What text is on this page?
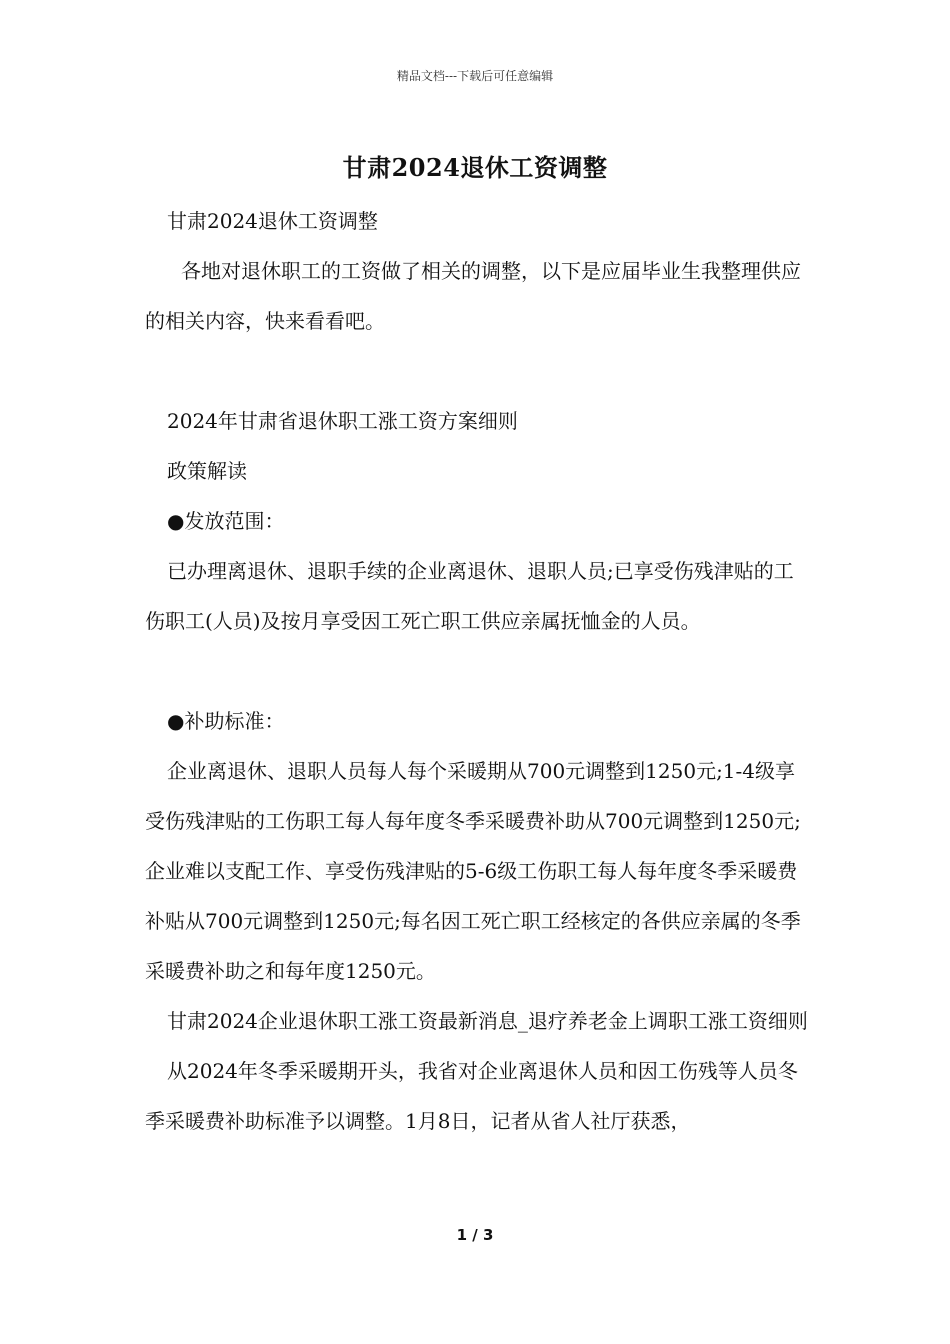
精品文档---下载后可任意编辑
甘肃2024退休工资调整

甘肃2024退休工资调整

各地对退休职工的工资做了相关的调整，以下是应届毕业生我整理供应的相关内容，快来看看吧。

2024年甘肃省退休职工涨工资方案细则

政策解读

●发放范围：

已办理离退休、退职手续的企业离退休、退职人员;已享受伤残津贴的工伤职工(人员)及按月享受因工死亡职工供应亲属抚恤金的人员。

●补助标准：

企业离退休、退职人员每人每个采暖期从700元调整到1250元;1-4级享受伤残津贴的工伤职工每人每年度冬季采暖费补助从700元调整到1250元;企业难以支配工作、享受伤残津贴的5-6级工伤职工每人每年度冬季采暖费补贴从700元调整到1250元;每名因工死亡职工经核定的各供应亲属的冬季采暖费补助之和每年度1250元。

甘肃2024企业退休职工涨工资最新消息_退疗养老金上调职工涨工资细则

从2024年冬季采暖期开头，我省对企业离退休人员和因工伤残等人员冬季采暖费补助标准予以调整。1月8日，记者从省人社厅获悉，

1 / 3
